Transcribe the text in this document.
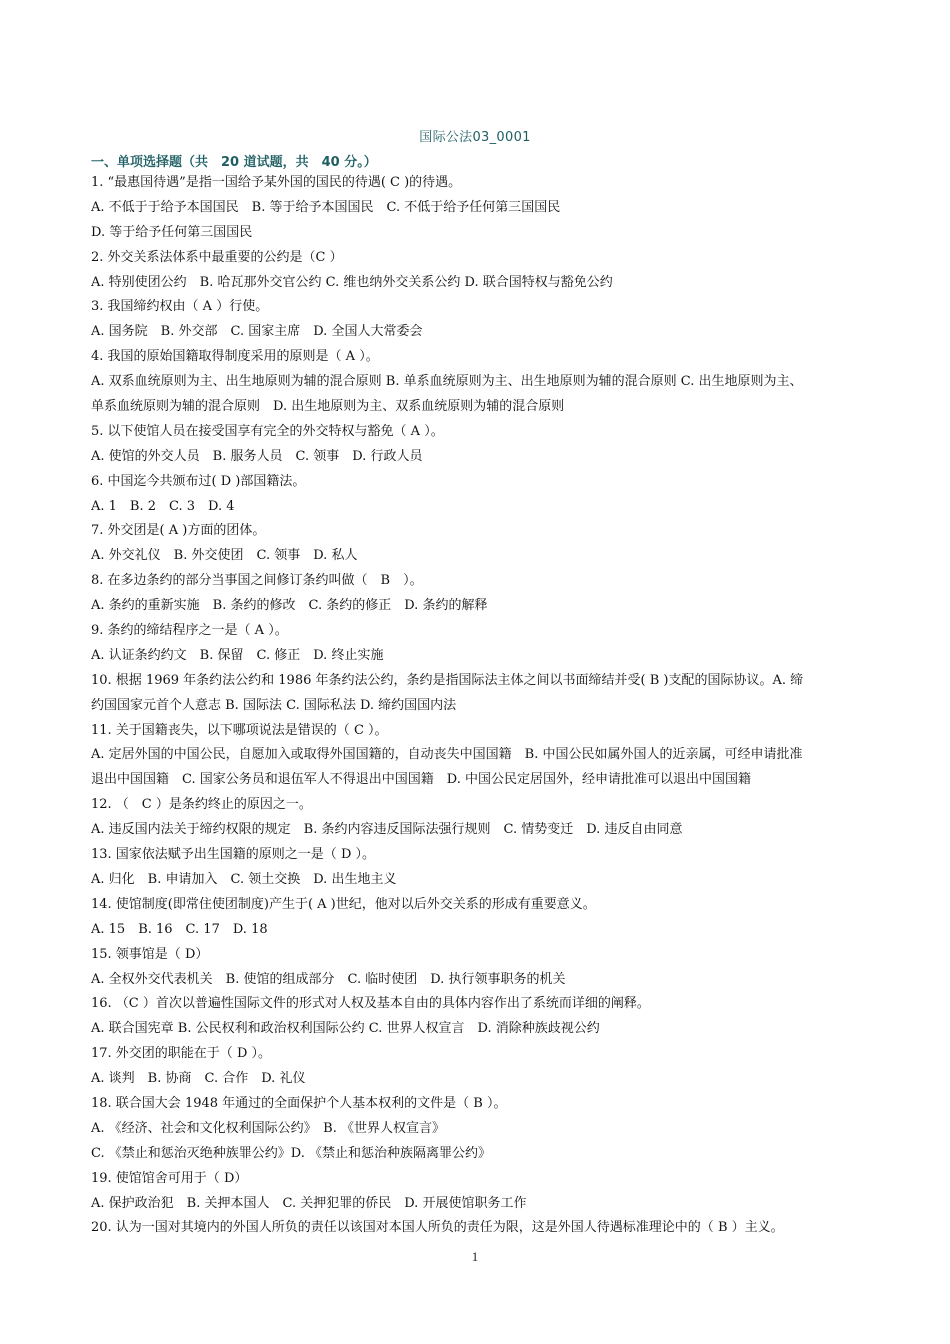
国际公法03_0001
一、单项选择题（共　20 道试题，共　40 分。）
1. “最惠国待遇”是指一国给予某外国的国民的待遇( C )的待遇。
A. 不低于于给予本国国民　B. 等于给予本国国民　C. 不低于给予任何第三国国民
D. 等于给予任何第三国国民
2. 外交关系法体系中最重要的公约是（C ）
A. 特别使团公约　B. 哈瓦那外交官公约 C. 维也纳外交关系公约 D. 联合国特权与豁免公约
3. 我国缔约权由（ A ）行使。
A. 国务院　B. 外交部　C. 国家主席　D. 全国人大常委会
4. 我国的原始国籍取得制度采用的原则是（ A ）。
A. 双系血统原则为主、出生地原则为辅的混合原则 B. 单系血统原则为主、出生地原则为辅的混合原则 C. 出生地原则为主、
单系血统原则为辅的混合原则　D. 出生地原则为主、双系血统原则为辅的混合原则
5. 以下使馆人员在接受国享有完全的外交特权与豁免（ A ）。
A. 使馆的外交人员　B. 服务人员　C. 领事　D. 行政人员
6. 中国迄今共颁布过( D )部国籍法。
A. 1　B. 2　C. 3　D. 4
7. 外交团是( A )方面的团体。
A. 外交礼仪　B. 外交使团　C. 领事　D. 私人
8. 在多边条约的部分当事国之间修订条约叫做（　B　）。
A. 条约的重新实施　B. 条约的修改　C. 条约的修正　D. 条约的解释
9. 条约的缔结程序之一是（ A ）。
A. 认证条约约文　B. 保留　C. 修正　D. 终止实施
10. 根据 1969 年条约法公约和 1986 年条约法公约，条约是指国际法主体之间以书面缔结并受( B )支配的国际协议。A. 缔
约国国家元首个人意志 B. 国际法 C. 国际私法 D. 缔约国国内法
11. 关于国籍丧失，以下哪项说法是错误的（ C ）。
A. 定居外国的中国公民，自愿加入或取得外国国籍的，自动丧失中国国籍　B. 中国公民如属外国人的近亲属，可经申请批准
退出中国国籍　C. 国家公务员和退伍军人不得退出中国国籍　D. 中国公民定居国外，经申请批准可以退出中国国籍
12. （　C ）是条约终止的原因之一。
A. 违反国内法关于缔约权限的规定　B. 条约内容违反国际法强行规则　C. 情势变迁　D. 违反自由同意
13. 国家依法赋予出生国籍的原则之一是（ D ）。
A. 归化　B. 申请加入　C. 领土交换　D. 出生地主义
14. 使馆制度(即常住使团制度)产生于( A )世纪，他对以后外交关系的形成有重要意义。
A. 15　B. 16　C. 17　D. 18
15. 领事馆是（ D）
A. 全权外交代表机关　B. 使馆的组成部分　C. 临时使团　D. 执行领事职务的机关
16. （C ）首次以普遍性国际文件的形式对人权及基本自由的具体内容作出了系统而详细的阐释。
A. 联合国宪章 B. 公民权利和政治权利国际公约 C. 世界人权宣言　D. 消除种族歧视公约
17. 外交团的职能在于（ D ）。
A. 谈判　B. 协商　C. 合作　D. 礼仪
18. 联合国大会 1948 年通过的全面保护个人基本权利的文件是（ B ）。
A. 《经济、社会和文化权利国际公约》　B. 《世界人权宣言》
C. 《禁止和惩治灭绝种族罪公约》D. 《禁止和惩治种族隔离罪公约》
19. 使馆馆舍可用于（ D）
A. 保护政治犯　B. 关押本国人　C. 关押犯罪的侨民　D. 开展使馆职务工作
20. 认为一国对其境内的外国人所负的责任以该国对本国人所负的责任为限，这是外国人待遇标准理论中的（ B ）主义。
1
